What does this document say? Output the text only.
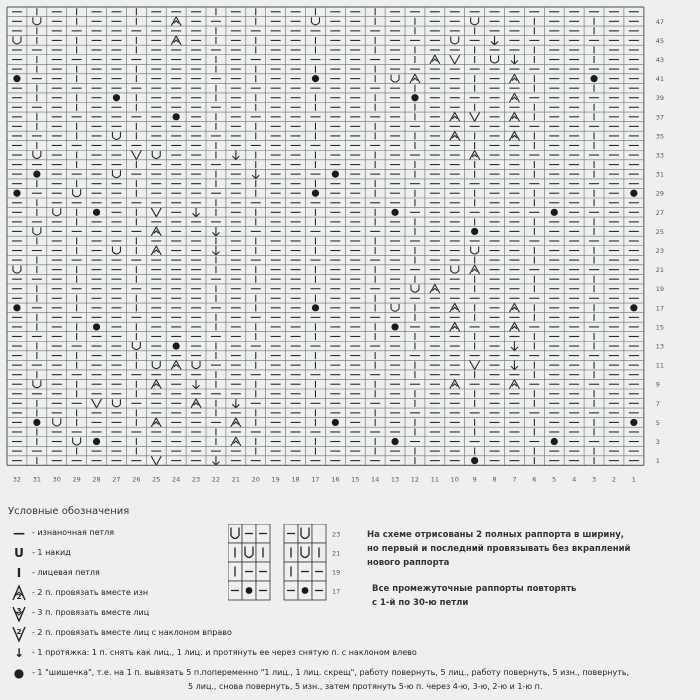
1
3
5
7
9
11
13
15
17
19
21
23
25
27
29
31
33
35
37
39
41
43
45
47
32 31 30 29 28 27 26 25 24 23 22 21 20 19 18 17 16 15 14 13 12 11 10 9 8 7 6 5 4 3 2 1
Условные обозначения
— - изнаночная петля
U - 1 накид
I	- лицевая петля
2 - 2 п. провязать вместе изн
3 - 3 п. провязать вместе лиц
2 - 2 п. провязать вместе лиц с наклоном вправо
↓ - 1 протяжка: 1 п. снять как лиц., 1 лиц. и протянуть ее через снятую п. с наклоном влево
● - 1 "шишечка", т.е. на 1 п. вывязать 5 п.попеременно "1 лиц., 1 лиц. скрещ", работу повернуть, 5 лиц., работу повернуть, 5 изн., повернуть,
5 лиц., снова повернуть, 5 изн., затем протянуть 5-ю п. через 4-ю, 3-ю, 2-ю и 1-ю п.
23
21
19
17
На схеме отрисованы 2 полных раппорта в ширину,
но первый и последний провязывать без вкраплений
нового раппорта
Все промежуточные раппорты повторять
с 1-й по 30-ю петли
